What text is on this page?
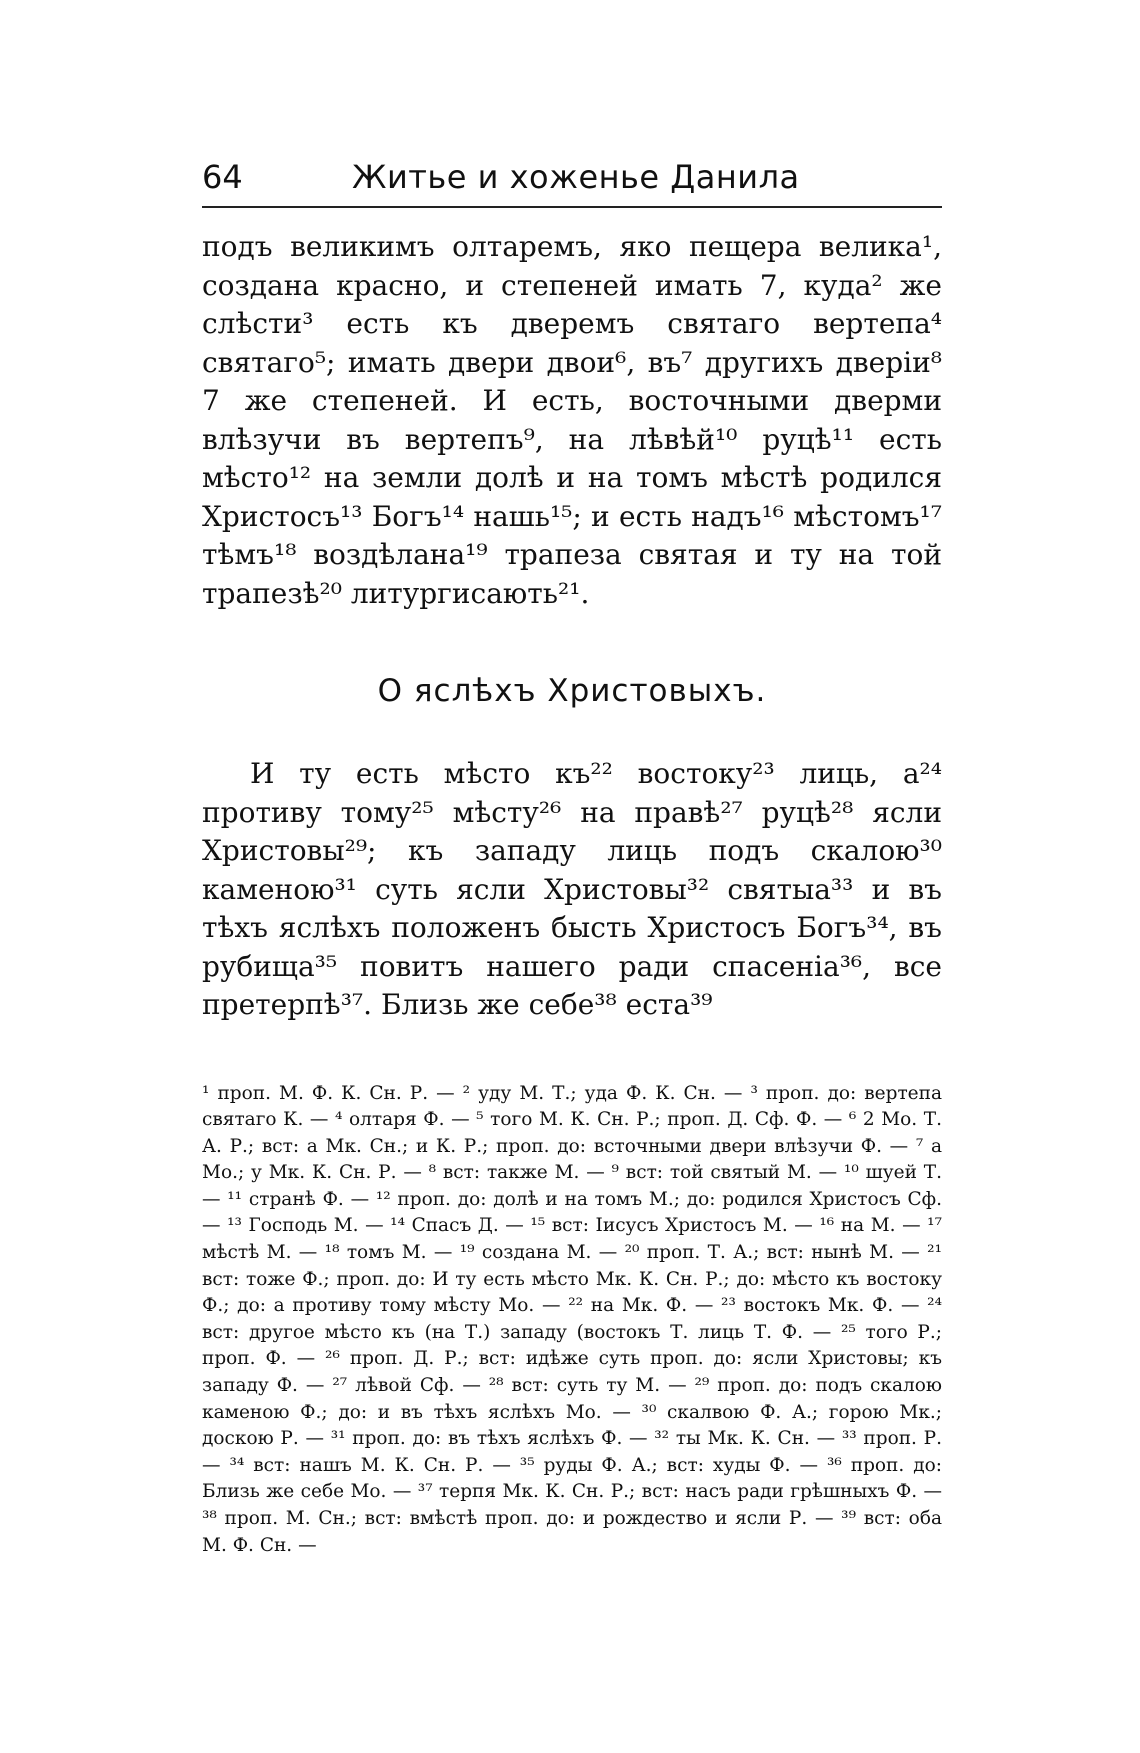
64	Житье и хоженье Данила

подъ великимъ олтаремъ, яко пещера велика¹, создана красно, и степеней имать 7, куда² же слѣсти³ есть къ дверемъ святаго вертепа⁴ святаго⁵; имать двери двои⁶, въ⁷ другихъ дверіи⁸ 7 же степеней. И есть, восточными дверми влѣзучи въ вертепъ⁹, на лѣвѣй¹⁰ руцѣ¹¹ есть мѣсто¹² на земли долѣ и на томъ мѣстѣ родился Христосъ¹³ Богъ¹⁴ нашь¹⁵; и есть надъ¹⁶ мѣстомъ¹⁷ тѣмъ¹⁸ воздѣлана¹⁹ трапеза святая и ту на той трапезѣ²⁰ литургисають²¹.

О яслѣхъ Христовыхъ.

И ту есть мѣсто къ²² востоку²³ лиць, а²⁴ противу тому²⁵ мѣсту²⁶ на правѣ²⁷ руцѣ²⁸ ясли Христовы²⁹; къ западу лиць подъ скалою³⁰ каменою³¹ суть ясли Христовы³² святыа³³ и въ тѣхъ яслѣхъ положенъ бысть Христосъ Богъ³⁴, въ рубища³⁵ повитъ нашего ради спасеніа³⁶, все претерпѣ³⁷. Близь же себе³⁸ еста³⁹

¹ проп. М. Ф. К. Сн. Р. — ² уду М. Т.; уда Ф. К. Сн. — ³ проп. до: вертепа святаго К. — ⁴ олтаря Ф. — ⁵ того М. К. Сн. Р.; проп. Д. Сф. Ф. — ⁶ 2 Мо. Т. А. Р.; вст: а Мк. Сн.; и К. Р.; проп. до: всточными двери влѣзучи Ф. — ⁷ а Мо.; у Мк. К. Сн. Р. — ⁸ вст: также М. — ⁹ вст: той святый М. — ¹⁰ шуей Т. — ¹¹ странѣ Ф. — ¹² проп. до: долѣ и на томъ М.; до: родился Христосъ Сф. — ¹³ Господь М. — ¹⁴ Спасъ Д. — ¹⁵ вст: Іисусъ Христосъ М. — ¹⁶ на М. — ¹⁷ мѣстѣ М. — ¹⁸ томъ М. — ¹⁹ создана М. — ²⁰ проп. Т. А.; вст: нынѣ М. — ²¹ вст: тоже Ф.; проп. до: И ту есть мѣсто Мк. К. Сн. Р.; до: мѣсто къ востоку Ф.; до: а противу тому мѣсту Мо. — ²² на Мк. Ф. — ²³ востокъ Мк. Ф. — ²⁴ вст: другое мѣсто къ (на Т.) западу (востокъ Т. лиць Т. Ф. — ²⁵ того Р.; проп. Ф. — ²⁶ проп. Д. Р.; вст: идѣже суть проп. до: ясли Христовы; къ западу Ф. — ²⁷ лѣвой Сф. — ²⁸ вст: суть ту М. — ²⁹ проп. до: подъ скалою каменою Ф.; до: и въ тѣхъ яслѣхъ Мо. — ³⁰ скалвою Ф. А.; горою Мк.; доскою Р. — ³¹ проп. до: въ тѣхъ яслѣхъ Ф. — ³² ты Мк. К. Сн. — ³³ проп. Р. — ³⁴ вст: нашъ М. К. Сн. Р. — ³⁵ руды Ф. А.; вст: худы Ф. — ³⁶ проп. до: Близь же себе Мо. — ³⁷ терпя Мк. К. Сн. Р.; вст: насъ ради грѣшныхъ Ф. — ³⁸ проп. М. Сн.; вст: вмѣстѣ проп. до: и рождество и ясли Р. — ³⁹ вст: оба М. Ф. Сн. —
